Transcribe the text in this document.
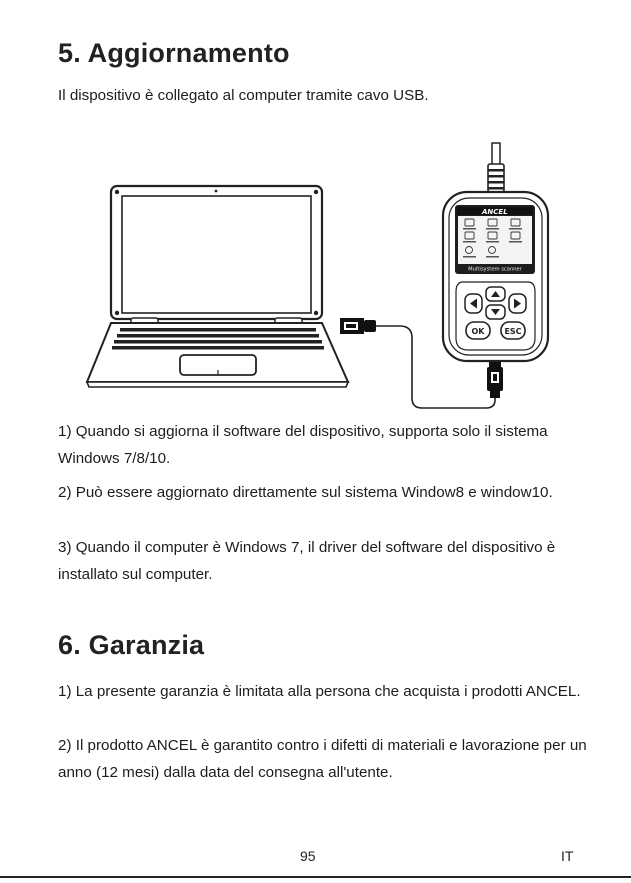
5. Aggiornamento
Il dispositivo è collegato al computer tramite cavo USB.
ANCEL
Multisystem scanner
OK ESC

1) Quando si aggiorna il software del dispositivo, supporta solo il sistema Windows 7/8/10.

2) Può essere aggiornato direttamente sul sistema Window8 e window10.

3) Quando il computer è Windows 7, il driver del software del dispositivo è installato sul computer.

6. Garanzia

1) La presente garanzia è limitata alla persona che acquista i prodotti ANCEL.

2) Il prodotto ANCEL è garantito contro i difetti di materiali e lavorazione per un anno (12 mesi) dalla data del consegna all'utente.

95	IT
